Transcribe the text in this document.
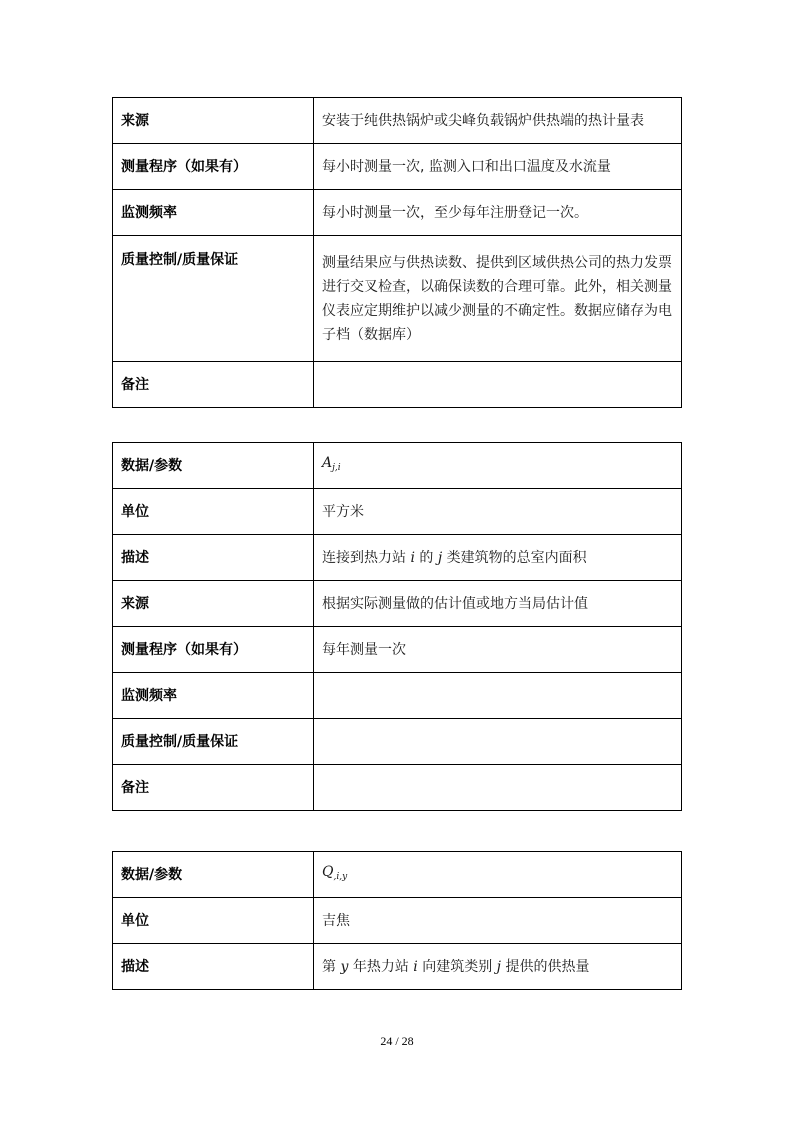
来源	安装于纯供热锅炉或尖峰负载锅炉供热端的热计量表
测量程序（如果有）	每小时测量一次, 监测入口和出口温度及水流量
监测频率	每小时测量一次，至少每年注册登记一次。
质量控制/质量保证	测量结果应与供热读数、提供到区域供热公司的热力发票进行交叉检查，以确保读数的合理可靠。此外，相关测量仪表应定期维护以减少测量的不确定性。数据应储存为电子档（数据库）
备注	
数据/参数	$A_{j,i}$
单位	平方米
描述	连接到热力站 i 的 j 类建筑物的总室内面积
来源	根据实际测量做的估计值或地方当局估计值
测量程序（如果有）	每年测量一次
监测频率	
质量控制/质量保证	
备注	
数据/参数	$Q_{,i,y}$
单位	吉焦
描述	第 y 年热力站 i 向建筑类别 j 提供的供热量
24 / 28
